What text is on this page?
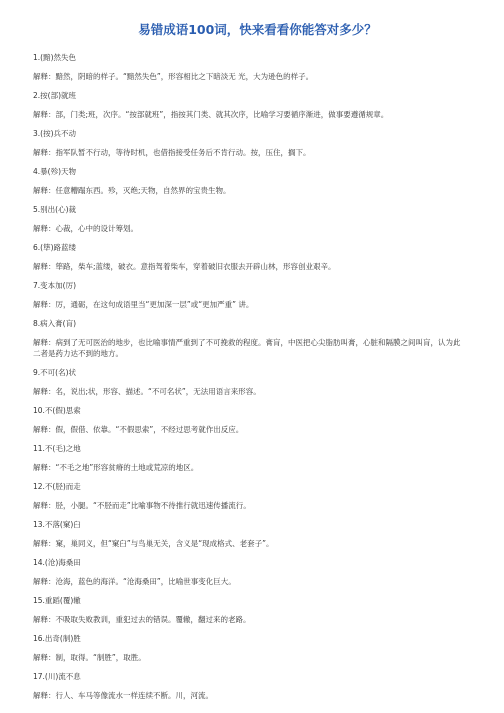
易错成语100词，快来看看你能答对多少？

1.(黯)然失色

解释：黯然，阴暗的样子。“黯然失色”，形容相比之下暗淡无 光，大为逊色的样子。

2.按(部)就班

解释：部，门类;班，次序。“按部就班”，指按其门类、就其次序，比喻学习要循序渐进，做事要遵循规章。

3.(按)兵不动

解释：指军队暂不行动，等待时机，也借指接受任务后不肯行动。按，压住，搁下。

4.暴(殄)天物

解释：任意糟蹋东西。殄，灭绝;天物，自然界的宝贵生物。

5.别出(心)裁

解释：心裁，心中的设计筹划。

6.(筚)路蓝缕

解释：筚路，柴车;蓝缕，破衣。意指驾着柴车，穿着破旧衣服去开辟山林，形容创业艰辛。

7.变本加(厉)

解释：厉，通砺，在这句成语里当“更加深一层”或“更加严重” 讲。

8.病入膏(肓)

解释：病到了无可医治的地步，也比喻事情严重到了不可挽救的程度。膏肓，中医把心尖脂肪叫膏，心脏和隔膜之间叫肓，认为此二者是药力达不到的地方。

9.不可(名)状

解释：名，说出;状，形容、描述。“不可名状”，无法用语言来形容。

10.不(假)思索

解释：假，假借、依靠。“不假思索”，不经过思考就作出反应。

11.不(毛)之地

解释：“不毛之地”形容贫瘠的土地或荒凉的地区。

12.不(胫)而走

解释：胫，小腿。“不胫而走”比喻事物不待推行就迅速传播流行。

13.不落(窠)臼

解释：窠，巢同义，但“窠臼”与鸟巢无关，含义是“现成格式、老套子”。

14.(沧)海桑田

解释：沧海，蓝色的海洋。“沧海桑田”，比喻世事变化巨大。

15.重蹈(覆)辙

解释：不吸取失败教训，重犯过去的错误。覆辙，翻过来的老路。

16.出奇(制)胜

解释：制，取得。“制胜”，取胜。

17.(川)流不息

解释：行人、车马等像流水一样连续不断。川，河流。
